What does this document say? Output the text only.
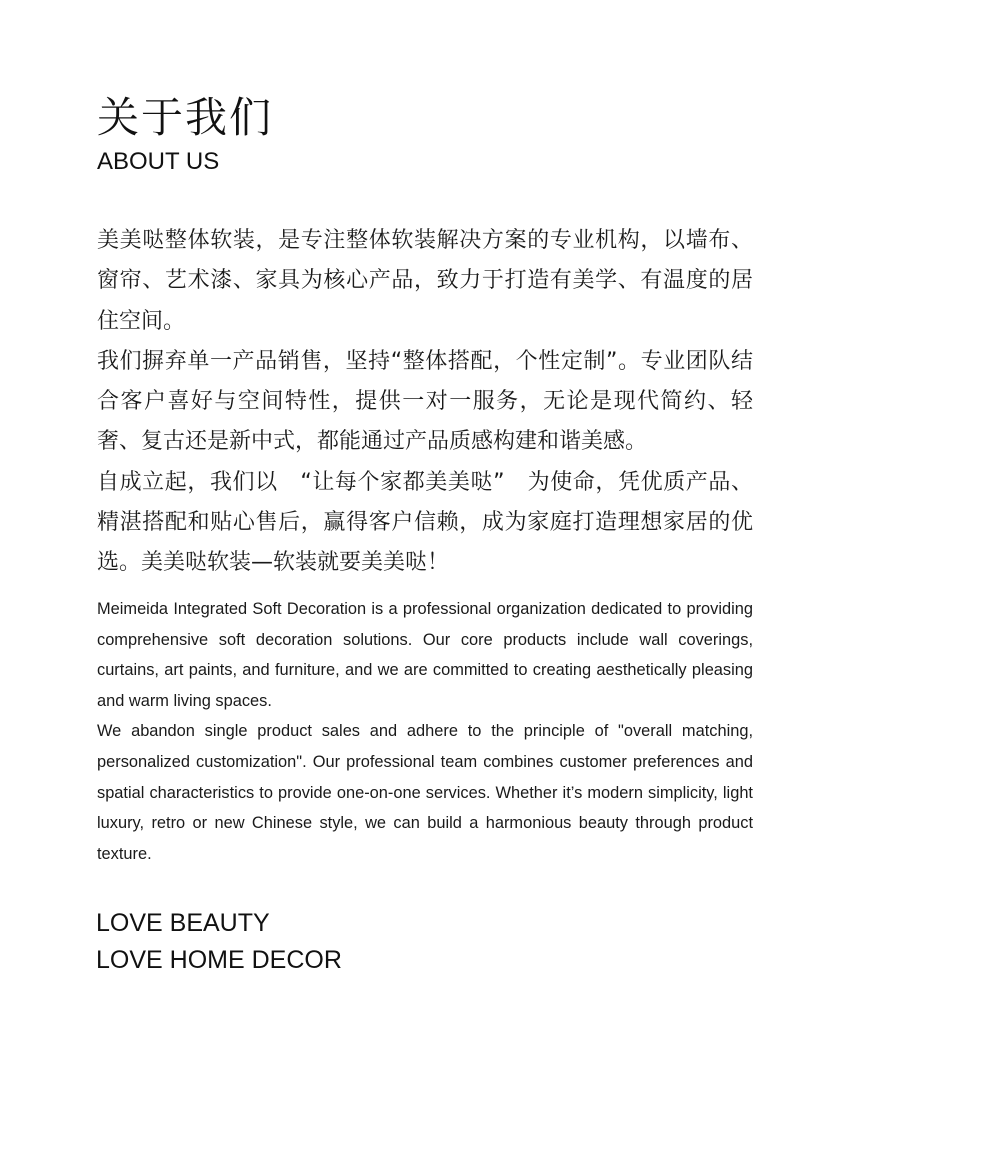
关于我们
ABOUT US

美美哒整体软装，是专注整体软装解决方案的专业机构，以墙布、窗帘、艺术漆、家具为核心产品，致力于打造有美学、有温度的居住空间。

我们摒弃单一产品销售，坚持“整体搭配，个性定制”。专业团队结合客户喜好与空间特性，提供一对一服务，无论是现代简约、轻奢、复古还是新中式，都能通过产品质感构建和谐美感。

自成立起，我们以　“让每个家都美美哒”　为使命，凭优质产品、精湛搭配和贴心售后，赢得客户信赖，成为家庭打造理想家居的优选。美美哒软装—软装就要美美哒！

Meimeida Integrated Soft Decoration is a professional organization dedicated to providing comprehensive soft decoration solutions. Our core products include wall coverings, curtains, art paints, and furniture, and we are committed to creating aesthetically pleasing and warm living spaces.

We abandon single product sales and adhere to the principle of "overall matching, personalized customization". Our professional team combines customer preferences and spatial characteristics to provide one-on-one services. Whether it’s modern simplicity, light luxury, retro or new Chinese style, we can build a harmonious beauty through product texture.

LOVE BEAUTY
LOVE HOME DECOR
